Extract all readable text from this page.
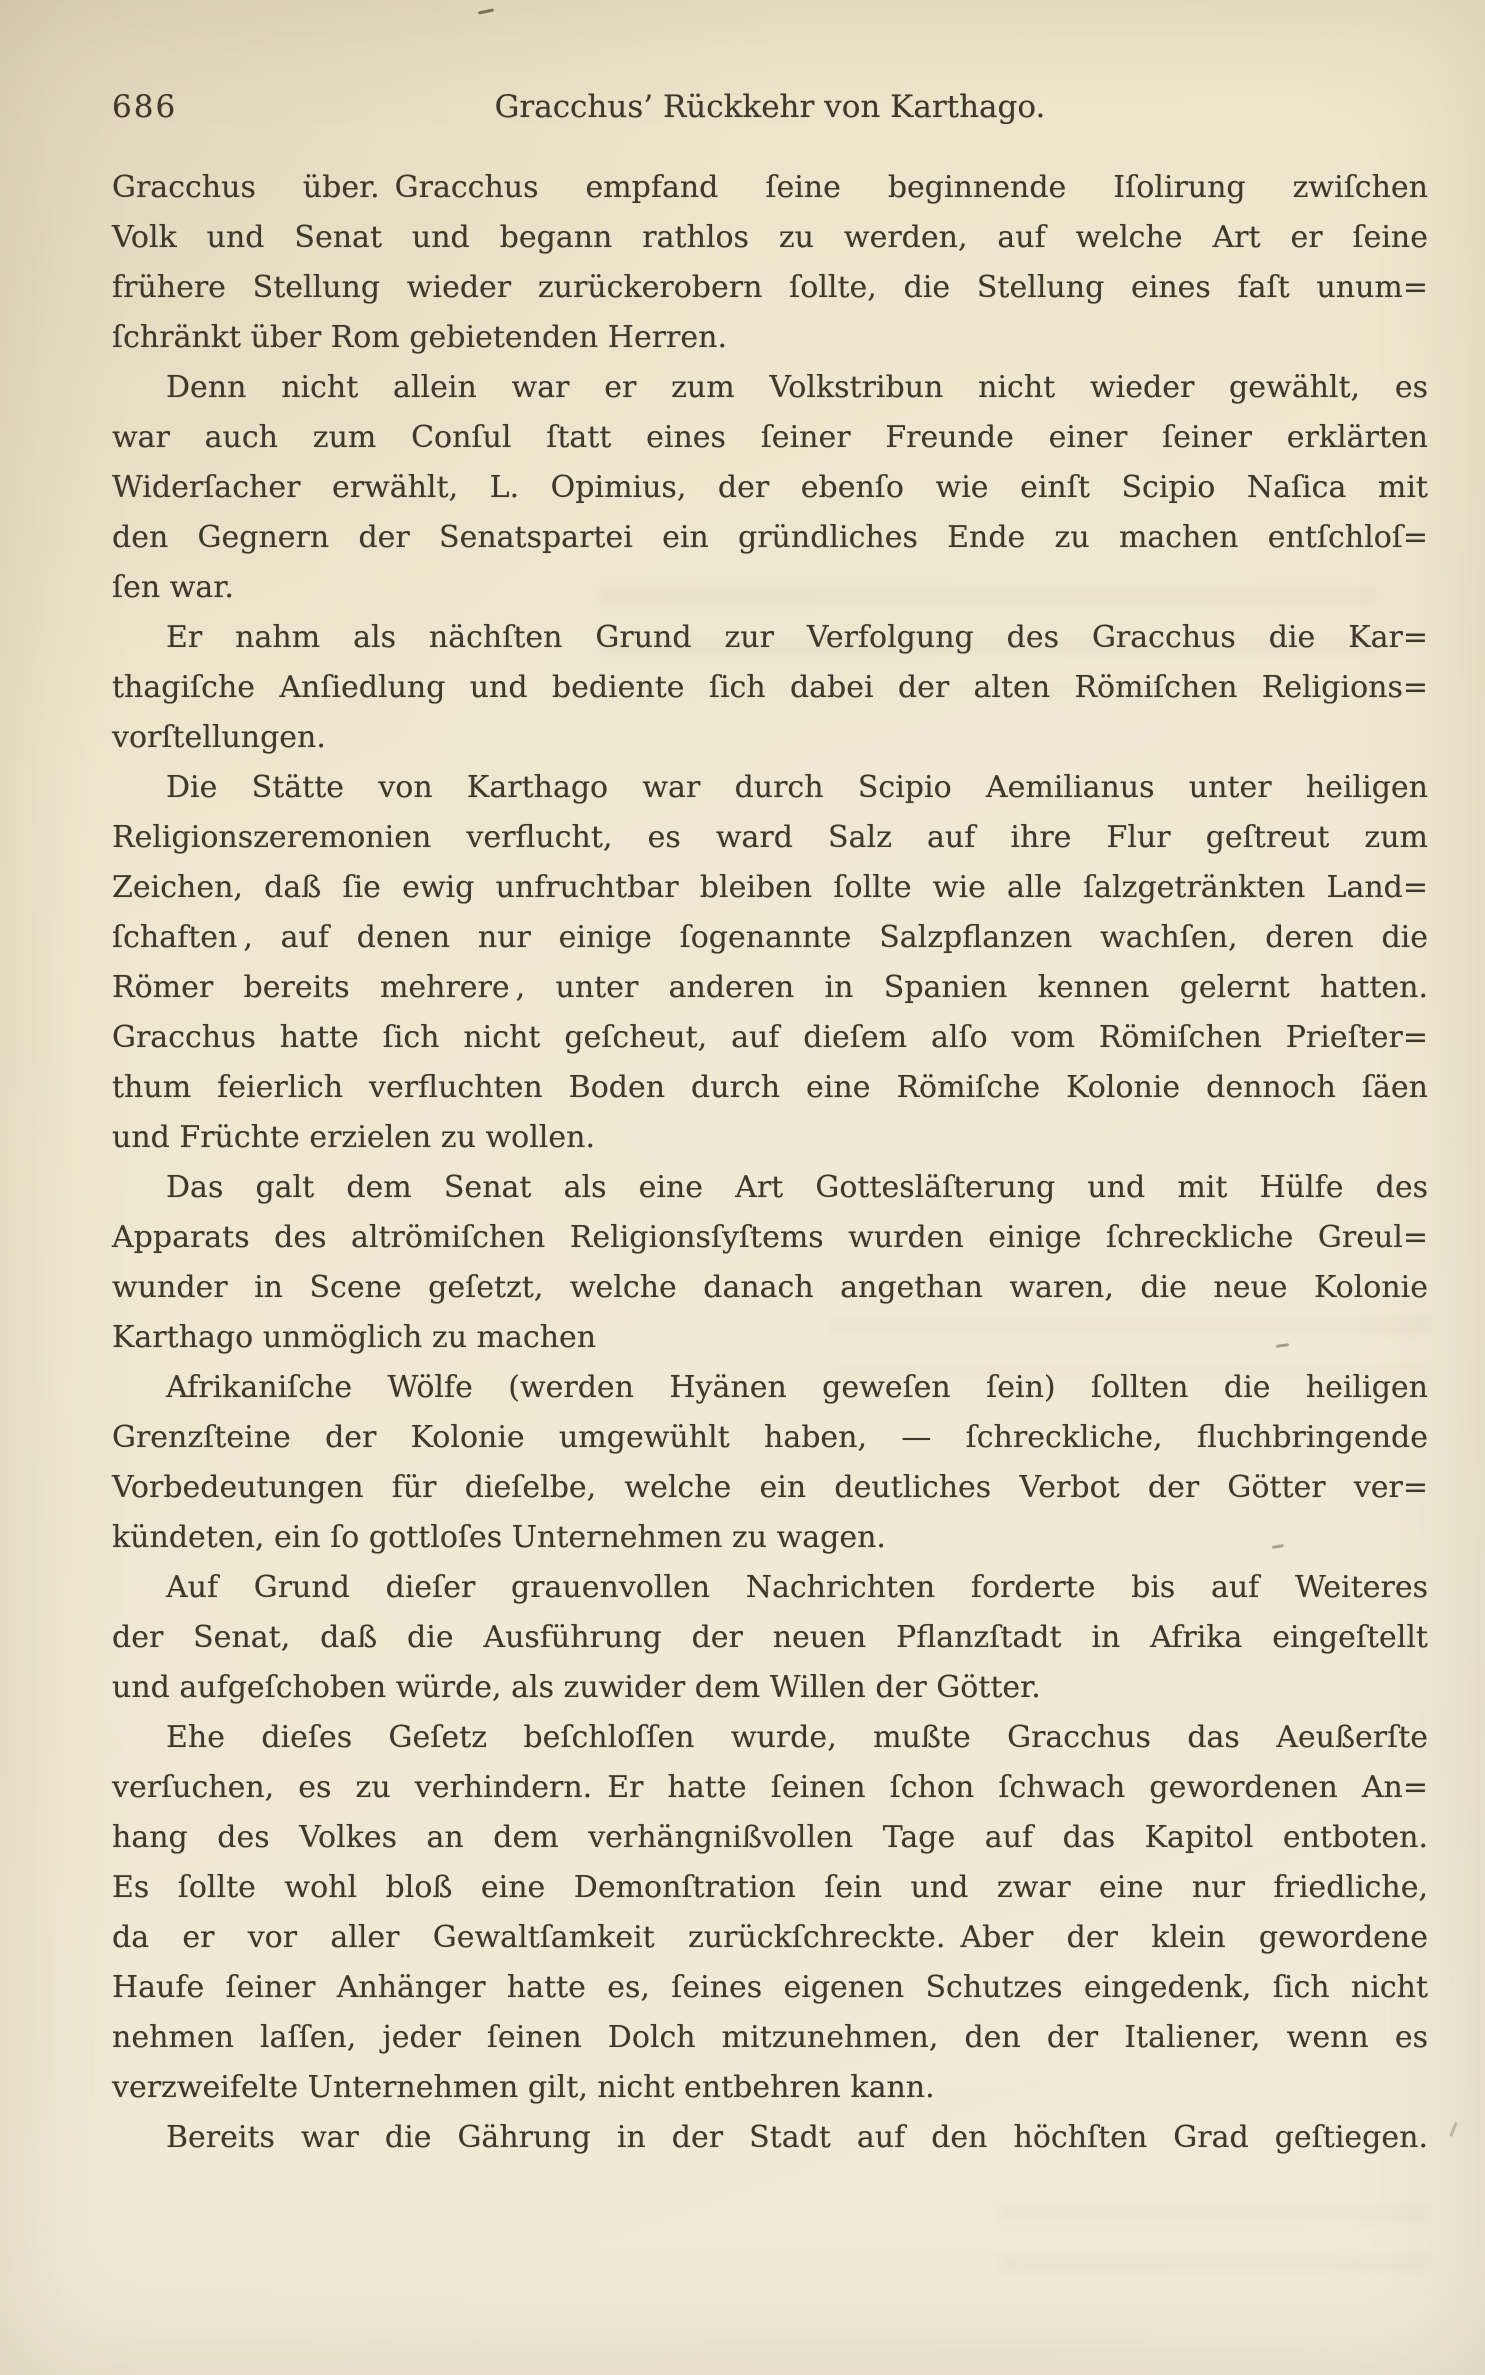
686	Gracchus’ Rückkehr von Karthago.
Gracchus über. Gracchus empfand ſeine beginnende Iſolirung zwiſchen
Volk und Senat und begann rathlos zu werden, auf welche Art er ſeine
frühere Stellung wieder zurückerobern ſollte, die Stellung eines faſt unum=
ſchränkt über Rom gebietenden Herren.
Denn nicht allein war er zum Volkstribun nicht wieder gewählt, es
war auch zum Conſul ſtatt eines ſeiner Freunde einer ſeiner erklärten
Widerſacher erwählt, L. Opimius, der ebenſo wie einſt Scipio Naſica mit
den Gegnern der Senatspartei ein gründliches Ende zu machen entſchloſ=
ſen war.
Er nahm als nächſten Grund zur Verfolgung des Gracchus die Kar=
thagiſche Anſiedlung und bediente ſich dabei der alten Römiſchen Religions=
vorſtellungen.
Die Stätte von Karthago war durch Scipio Aemilianus unter heiligen
Religionszeremonien verflucht, es ward Salz auf ihre Flur geſtreut zum
Zeichen, daß ſie ewig unfruchtbar bleiben ſollte wie alle ſalzgetränkten Land=
ſchaften , auf denen nur einige ſogenannte Salzpflanzen wachſen, deren die
Römer bereits mehrere , unter anderen in Spanien kennen gelernt hatten.
Gracchus hatte ſich nicht geſcheut, auf dieſem alſo vom Römiſchen Prieſter=
thum feierlich verfluchten Boden durch eine Römiſche Kolonie dennoch ſäen
und Früchte erzielen zu wollen.
Das galt dem Senat als eine Art Gottesläſterung und mit Hülfe des
Apparats des altrömiſchen Religionsſyſtems wurden einige ſchreckliche Greul=
wunder in Scene geſetzt, welche danach angethan waren, die neue Kolonie
Karthago unmöglich zu machen
Afrikaniſche Wölfe (werden Hyänen geweſen ſein) ſollten die heiligen
Grenzſteine der Kolonie umgewühlt haben, — ſchreckliche, fluchbringende
Vorbedeutungen für dieſelbe, welche ein deutliches Verbot der Götter ver=
kündeten, ein ſo gottloſes Unternehmen zu wagen.
Auf Grund dieſer grauenvollen Nachrichten forderte bis auf Weiteres
der Senat, daß die Ausführung der neuen Pflanzſtadt in Afrika eingeſtellt
und aufgeſchoben würde, als zuwider dem Willen der Götter.
Ehe dieſes Geſetz beſchloſſen wurde, mußte Gracchus das Aeußerſte
verſuchen, es zu verhindern. Er hatte ſeinen ſchon ſchwach gewordenen An=
hang des Volkes an dem verhängnißvollen Tage auf das Kapitol entboten.
Es ſollte wohl bloß eine Demonſtration ſein und zwar eine nur friedliche,
da er vor aller Gewaltſamkeit zurückſchreckte. Aber der klein gewordene
Haufe ſeiner Anhänger hatte es, ſeines eigenen Schutzes eingedenk, ſich nicht
nehmen laſſen, jeder ſeinen Dolch mitzunehmen, den der Italiener, wenn es
verzweifelte Unternehmen gilt, nicht entbehren kann.
Bereits war die Gährung in der Stadt auf den höchſten Grad geſtiegen.
